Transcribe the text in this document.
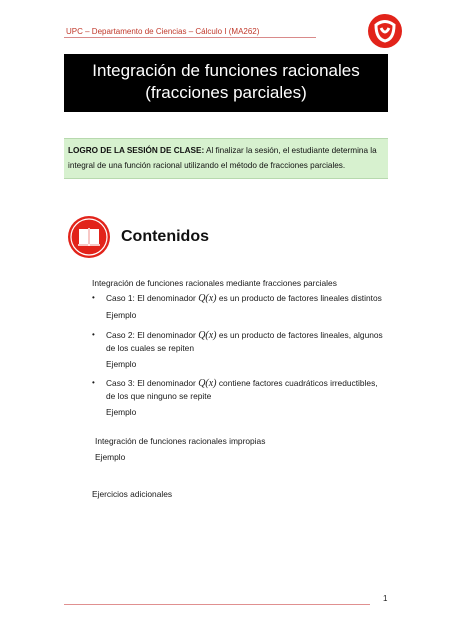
UPC – Departamento de Ciencias – Cálculo I (MA262)
Integración de funciones racionales
(fracciones parciales)
LOGRO DE LA SESIÓN DE CLASE: Al finalizar la sesión, el estudiante determina la
integral de una función racional utilizando el método de fracciones parciales.
Contenidos
Integración de funciones racionales mediante fracciones parciales
• Caso 1: El denominador Q(x) es un producto de factores lineales distintos
Ejemplo
• Caso 2: El denominador Q(x) es un producto de factores lineales, algunos
de los cuales se repiten
Ejemplo
• Caso 3: El denominador Q(x) contiene factores cuadráticos irreductibles,
de los que ninguno se repite
Ejemplo
Integración de funciones racionales impropias
Ejemplo
Ejercicios adicionales
1
